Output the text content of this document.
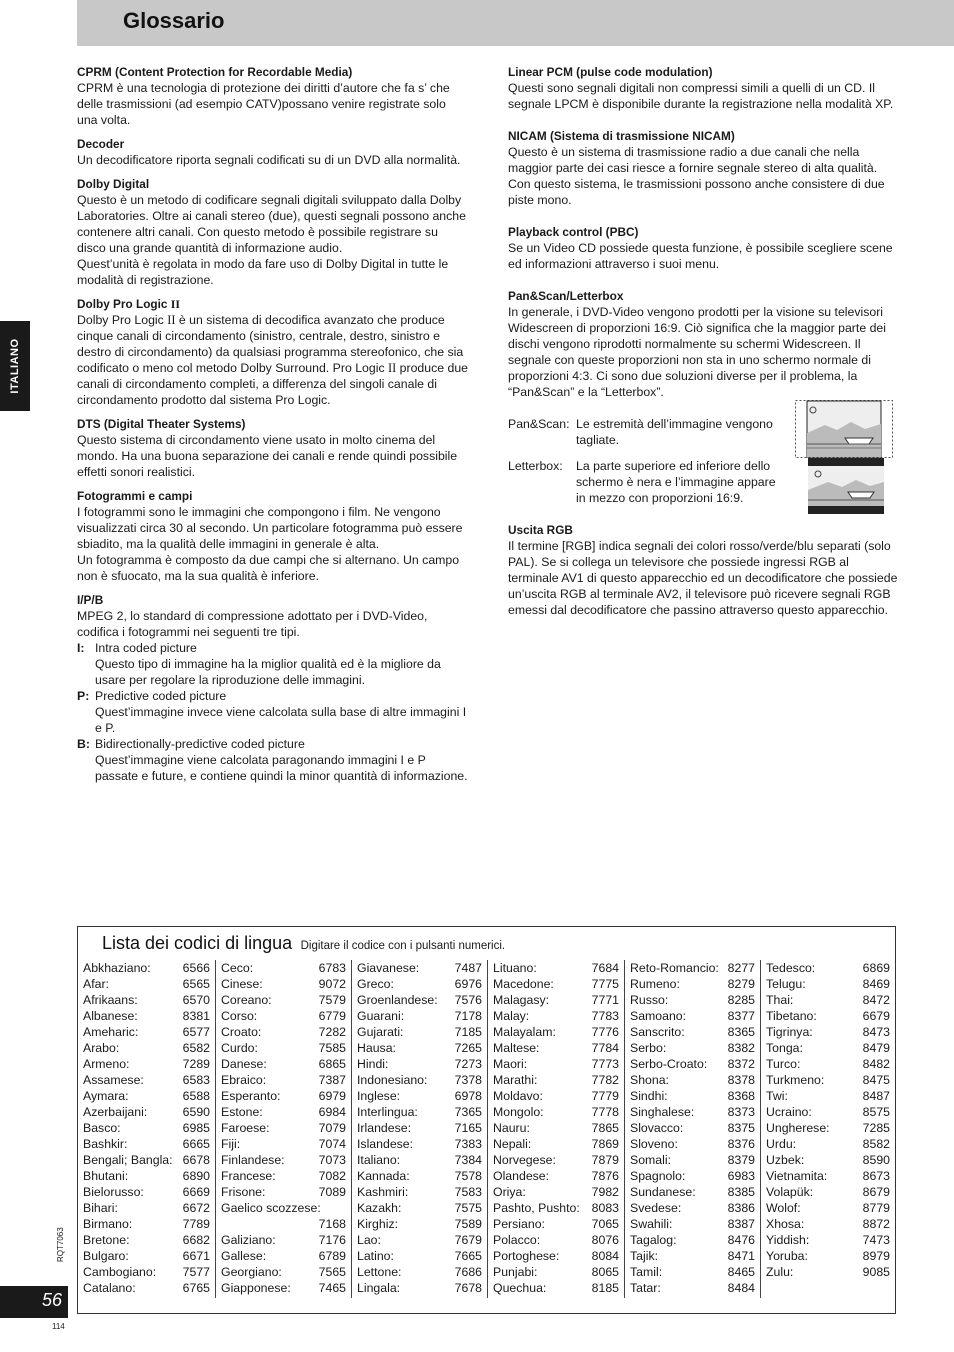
Glossario
ITALIANO
CPRM (Content Protection for Recordable Media)
CPRM è una tecnologia di protezione dei diritti d’autore che fa s’ che delle trasmissioni (ad esempio CATV)possano venire registrate solo una volta.
Decoder
Un decodificatore riporta segnali codificati su di un DVD alla normalità.
Dolby Digital
Questo è un metodo di codificare segnali digitali sviluppato dalla Dolby Laboratories. Oltre ai canali stereo (due), questi segnali possono anche contenere altri canali. Con questo metodo è possibile registrare su disco una grande quantità di informazione audio.
Quest’unità è regolata in modo da fare uso di Dolby Digital in tutte le modalità di registrazione.
Dolby Pro Logic II
Dolby Pro Logic II è un sistema di decodifica avanzato che produce cinque canali di circondamento (sinistro, centrale, destro, sinistro e destro di circondamento) da qualsiasi programma stereofonico, che sia codificato o meno col metodo Dolby Surround. Pro Logic II produce due canali di circondamento completi, a differenza del singoli canale di circondamento prodotto dal sistema Pro Logic.
DTS (Digital Theater Systems)
Questo sistema di circondamento viene usato in molto cinema del mondo. Ha una buona separazione dei canali e rende quindi possibile effetti sonori realistici.
Fotogrammi e campi
I fotogrammi sono le immagini che compongono i film. Ne vengono visualizzati circa 30 al secondo. Un particolare fotogramma può essere sbiadito, ma la qualità delle immagini in generale è alta.
Un fotogramma è composto da due campi che si alternano. Un campo non è sfuocato, ma la sua qualità è inferiore.
I/P/B
MPEG 2, lo standard di compressione adottato per i DVD-Video, codifica i fotogrammi nei seguenti tre tipi.
I: Intra coded picture
Questo tipo di immagine ha la miglior qualità ed è la migliore da usare per regolare la riproduzione delle immagini.
P: Predictive coded picture
Quest’immagine invece viene calcolata sulla base di altre immagini I e P.
B: Bidirectionally-predictive coded picture
Quest’immagine viene calcolata paragonando immagini I e P passate e future, e contiene quindi la minor quantità di informazione.
Linear PCM (pulse code modulation)
Questi sono segnali digitali non compressi simili a quelli di un CD. Il segnale LPCM è disponibile durante la registrazione nella modalità XP.
NICAM (Sistema di trasmissione NICAM)
Questo è un sistema di trasmissione radio a due canali che nella maggior parte dei casi riesce a fornire segnale stereo di alta qualità. Con questo sistema, le trasmissioni possono anche consistere di due piste mono.
Playback control (PBC)
Se un Video CD possiede questa funzione, è possibile scegliere scene ed informazioni attraverso i suoi menu.
Pan&Scan/Letterbox
In generale, i DVD-Video vengono prodotti per la visione su televisori Widescreen di proporzioni 16:9. Ciò significa che la maggior parte dei dischi vengono riprodotti normalmente su schermi Widescreen. Il segnale con queste proporzioni non sta in uno schermo normale di proporzioni 4:3. Ci sono due soluzioni diverse per il problema, la “Pan&Scan” e la “Letterbox”.
Pan&Scan: Le estremità dell’immagine vengono tagliate.
Letterbox:	La parte superiore ed inferiore dello schermo è nera e l’immagine appare in mezzo con proporzioni 16:9.
Uscita RGB
Il termine [RGB] indica segnali dei colori rosso/verde/blu separati (solo PAL). Se si collega un televisore che possiede ingressi RGB al terminale AV1 di questo apparecchio ed un decodificatore che possiede un’uscita RGB al terminale AV2, il televisore può ricevere segnali RGB emessi dal decodificatore che passino attraverso questo apparecchio.
Lista dei codici di lingua Digitare il codice con i pulsanti numerici.
Abkhaziano:	6566
Afar:	6565
Afrikaans:	6570
Albanese:	8381
Ameharic:	6577
Arabo:	6582
Armeno:	7289
Assamese:	6583
Aymara:	6588
Azerbaijani:	6590
Basco:	6985
Bashkir:	6665
Bengali; Bangla: 6678
Bhutani:	6890
Bielorusso:	6669
Bihari:	6672
Birmano:	7789
Bretone:	6682
Bulgaro:	6671
Cambogiano: 7577
Catalano:	6765
Ceco:	6783
Cinese:	9072
Coreano:	7579
Corso:	6779
Croato:	7282
Curdo:	7585
Danese:	6865
Ebraico:	7387
Esperanto:	6979
Estone:	6984
Faroese:	7079
Fiji:	7074
Finlandese:	7073
Francese:	7082
Frisone:	7089
Gaelico scozzese:
7168
Galiziano:	7176
Gallese:	6789
Georgiano:	7565
Giapponese: 7465
Giavanese:	7487
Greco:	6976
Groenlandese: 7576
Guarani:	7178
Gujarati:	7185
Hausa:	7265
Hindi:	7273
Indonesiano: 7378
Inglese:	6978
Interlingua:	7365
Irlandese:	7165
Islandese:	7383
Italiano:	7384
Kannada:	7578
Kashmiri:	7583
Kazakh:	7575
Kirghiz:	7589
Lao:	7679
Latino:	7665
Lettone:	7686
Lingala:	7678
Lituano:	7684
Macedone:	7775
Malagasy:	7771
Malay:	7783
Malayalam:	7776
Maltese:	7784
Maori:	7773
Marathi:	7782
Moldavo:	7779
Mongolo:	7778
Nauru:	7865
Nepali:	7869
Norvegese:	7879
Olandese:	7876
Oriya:	7982
Pashto, Pushto: 8083
Persiano:	7065
Polacco:	8076
Portoghese:	8084
Punjabi:	8065
Quechua:	8185
Reto-Romancio: 8277
Rumeno:	8279
Russo:	8285
Samoano:	8377
Sanscrito:	8365
Serbo:	8382
Serbo-Croato: 8372
Shona:	8378
Sindhi:	8368
Singhalese:	8373
Slovacco:	8375
Sloveno:	8376
Somali:	8379
Spagnolo:	6983
Sundanese:	8385
Svedese:	8386
Swahili:	8387
Tagalog:	8476
Tajik:	8471
Tamil:	8465
Tatar:	8484
Tedesco:	6869
Telugu:	8469
Thai:	8472
Tibetano:	6679
Tigrinya:	8473
Tonga:	8479
Turco:	8482
Turkmeno:	8475
Twi:	8487
Ucraino:	8575
Ungherese:	7285
Urdu:	8582
Uzbek:	8590
Vietnamita:	8673
Volapük:	8679
Wolof:	8779
Xhosa:	8872
Yiddish:	7473
Yoruba:	8979
Zulu:	9085
56
RQT7063
114
